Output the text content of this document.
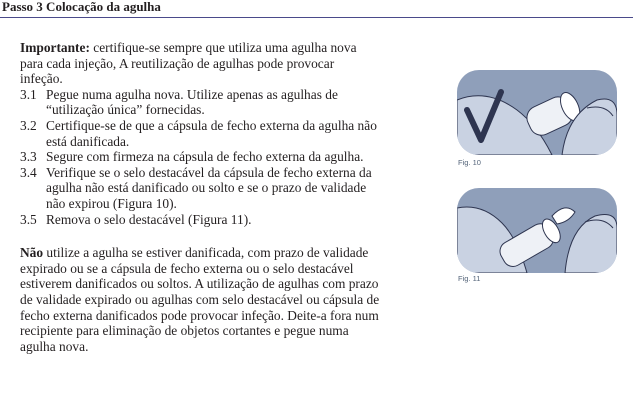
Passo 3 Colocação da agulha

Importante: certifique-se sempre que utiliza uma agulha nova para cada injeção, A reutilização de agulhas pode provocar infeção.

3.1 Pegue numa agulha nova. Utilize apenas as agulhas de “utilização única” fornecidas.
3.2 Certifique-se de que a cápsula de fecho externa da agulha não está danificada.
3.3 Segure com firmeza na cápsula de fecho externa da agulha.
3.4 Verifique se o selo destacável da cápsula de fecho externa da agulha não está danificado ou solto e se o prazo de validade não expirou (Figura 10).
3.5 Remova o selo destacável (Figura 11).

Não utilize a agulha se estiver danificada, com prazo de validade expirado ou se a cápsula de fecho externa ou o selo destacável estiverem danificados ou soltos. A utilização de agulhas com prazo de validade expirado ou agulhas com selo destacável ou cápsula de fecho externa danificados pode provocar infeção. Deite-a fora num recipiente para eliminação de objetos cortantes e pegue numa agulha nova.

Fig. 10
Fig. 11
